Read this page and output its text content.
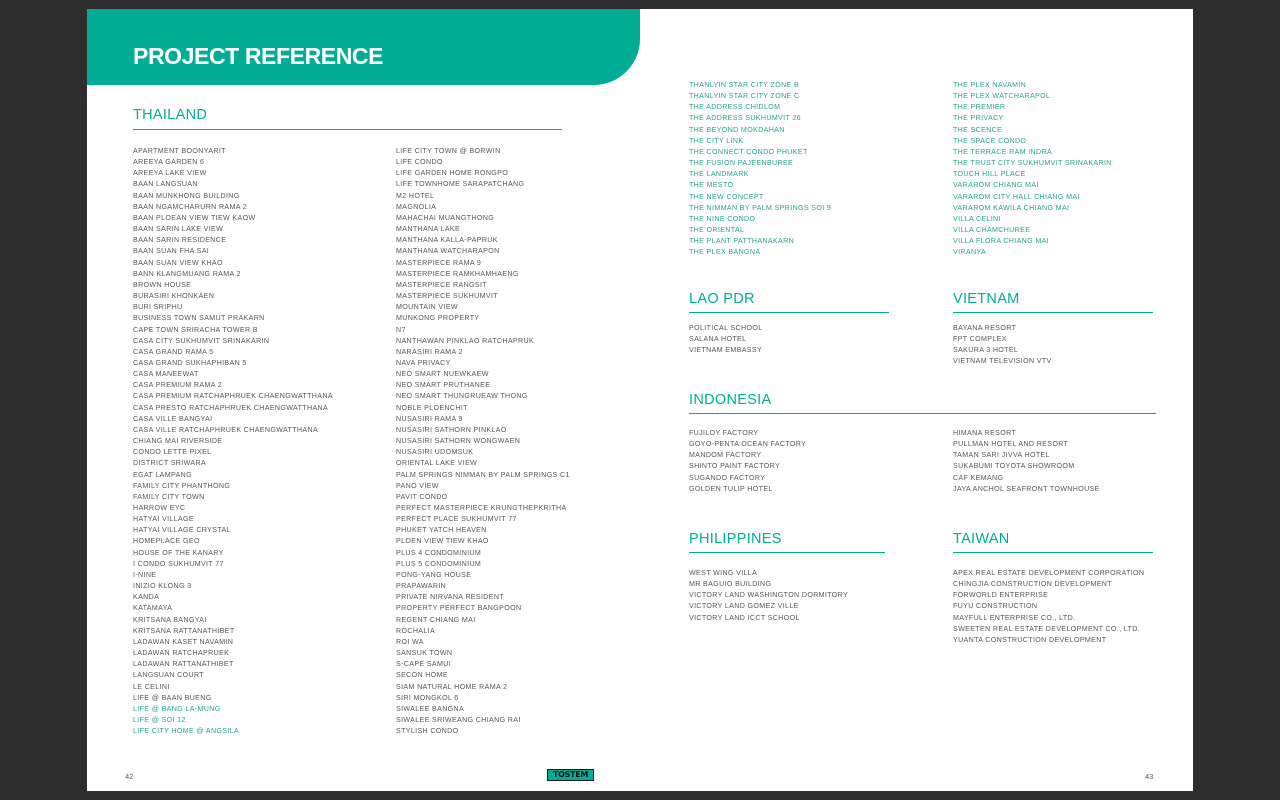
PROJECT REFERENCE
THAILAND
APARTMENT BOONYARIT
AREEYA GARDEN 6
AREEYA LAKE VIEW
BAAN LANGSUAN
BAAN MUNKHONG BUILDING
BAAN NGAMCHARURN RAMA 2
BAAN PLOEAN VIEW TIEW KAOW
BAAN SARIN LAKE VIEW
BAAN SARIN RESIDENCE
BAAN SUAN FHA SAI
BAAN SUAN VIEW KHAO
BANN KLANGMUANG RAMA 2
BROWN HOUSE
BURASIRI KHONKAEN
BURI SRIPHU
BUSINESS TOWN SAMUT PRAKARN
CAPE TOWN SRIRACHA TOWER B
CASA CITY SUKHUMVIT SRINAKARIN
CASA GRAND RAMA 5
CASA GRAND SUKHAPHIBAN 5
CASA MANEEWAT
CASA PREMIUM RAMA 2
CASA PREMIUM RATCHAPHRUEK CHAENGWATTHANA
CASA PRESTO RATCHAPHRUEK CHAENGWATTHANA
CASA VILLE BANGYAI
CASA VILLE RATCHAPHRUEK CHAENGWATTHANA
CHIANG MAI RIVERSIDE
CONDO LETTE PIXEL
DISTRICT SRIWARA
EGAT LAMPANG
FAMILY CITY PHANTHONG
FAMILY CITY TOWN
HARROW EYC
HATYAI VILLAGE
HATYAI VILLAGE CRYSTAL
HOMEPLACE GEO
HOUSE OF THE KANARY
I CONDO SUKHUMVIT 77
I-NINE
INIZIO KLONG 3
KANDA
KATAMAYA
KRITSANA BANGYAI
KRITSANA RATTANATHIBET
LADAWAN KASET NAVAMIN
LADAWAN RATCHAPRUEK
LADAWAN RATTANATHIBET
LANGSUAN COURT
LE CELINI
LIFE @ BAAN BUENG
LIFE @ BANG LA-MUNG
LIFE @ SOI 12
LIFE CITY HOME @ ANGSILA
LIFE CITY TOWN @ BORWIN
LIFE CONDO
LIFE GARDEN HOME RONGPO
LIFE TOWNHOME SARAPATCHANG
M2 HOTEL
MAGNOLIA
MAHACHAI MUANGTHONG
MANTHANA LAKE
MANTHANA KALLA-PAPRUK
MANTHANA WATCHARAPON
MASTERPIECE RAMA 9
MASTERPIECE RAMKHAMHAENG
MASTERPIECE RANGSIT
MASTERPIECE SUKHUMVIT
MOUNTAIN VIEW
MUNKONG PROPERTY
N7
NANTHAWAN PINKLAO RATCHAPRUK
NARASIRI RAMA 2
NAVA PRIVACY
NEO SMART NUEWKAEW
NEO SMART PRUTHANEE
NEO SMART THUNGRUEAW THONG
NOBLE PLOENCHIT
NUSASIRI RAMA 9
NUSASIRI SATHORN PINKLAO
NUSASIRI SATHORN WONGWAEN
NUSASIRI UDOMSUK
ORIENTAL LAKE VIEW
PALM SPRINGS NIMMAN BY PALM SPRINGS C1
PANO VIEW
PAVIT CONDO
PERFECT MASTERPIECE KRUNGTHEPKRITHA
PERFECT PLACE SUKHUMVIT 77
PHUKET YATCH HEAVEN
PLOEN VIEW TIEW KHAO
PLUS 4 CONDOMINIUM
PLUS 5 CONDOMINIUM
PONG-YANG HOUSE
PRAPAWARIN
PRIVATE NIRVANA RESIDENT
PROPERTY PERFECT BANGPOON
REGENT CHIANG MAI
ROCHALIA
ROI WA
SANSUK TOWN
S-CAPE SAMUI
SECON HOME
SIAM NATURAL HOME RAMA 2
SIRI MONGKOL 6
SIWALEE BANGNA
SIWALEE SRIWEANG CHIANG RAI
STYLISH CONDO
THANLYIN STAR CITY ZONE B
THANLYIN STAR CITY ZONE C
THE ADDRESS CHIDLOM
THE ADDRESS SUKHUMVIT 26
THE BEYOND MOKDAHAN
THE CITY LINK
THE CONNECT CONDO PHUKET
THE FUSION PAJEENBUREE
THE LANDMARK
THE MESTO
THE NEW CONCEPT
THE NIMMAN BY PALM SPRINGS SOI 9
THE NINE CONDO
THE ORIENTAL
THE PLANT PATTHANAKARN
THE PLEX BANGNA
THE PLEX NAVAMIN
THE PLEX WATCHARAPOL
THE PREMIER
THE PRIVACY
THE SCENCE
THE SPACE CONDO
THE TERRACE RAM INDRA
THE TRUST CITY SUKHUMVIT SRINAKARIN
TOUCH HILL PLACE
VARAROM CHIANG MAI
VARAROM CITY HALL CHIANG MAI
VARAROM KAWILA CHIANG MAI
VILLA CELINI
VILLA CHAMCHUREE
VILLA FLORA CHIANG MAI
VIRANYA
LAO PDR
POLITICAL SCHOOL
SALANA HOTEL
VIETNAM EMBASSY
VIETNAM
BAYANA RESORT
FPT COMPLEX
SAKURA 3 HOTEL
VIETNAM TELEVISION VTV
INDONESIA
FUJILOY FACTORY
GOYO-PENTA OCEAN FACTORY
MANDOM FACTORY
SHINTO PAINT FACTORY
SUGANDO FACTORY
GOLDEN TULIP HOTEL
HIMANA RESORT
PULLMAN HOTEL AND RESORT
TAMAN SARI JIVVA HOTEL
SUKABUMI TOYOTA SHOWROOM
CAF KEMANG
JAYA ANCHOL SEAFRONT TOWNHOUSE
PHILIPPINES
WEST WING VILLA
MR BAGUIO BUILDING
VICTORY LAND WASHINGTON DORMITORY
VICTORY LAND GOMEZ VILLE
VICTORY LAND ICCT SCHOOL
TAIWAN
APEX REAL ESTATE DEVELOPMENT CORPORATION
CHINGJIA CONSTRUCTION DEVELOPMENT
FORWORLD ENTERPRISE
FUYU CONSTRUCTION
MAYFULL ENTERPRISE CO., LTD.
SWEETEN REAL ESTATE DEVELOPMENT CO., LTD.
YUANTA CONSTRUCTION DEVELOPMENT
42	TOSTEM	43
